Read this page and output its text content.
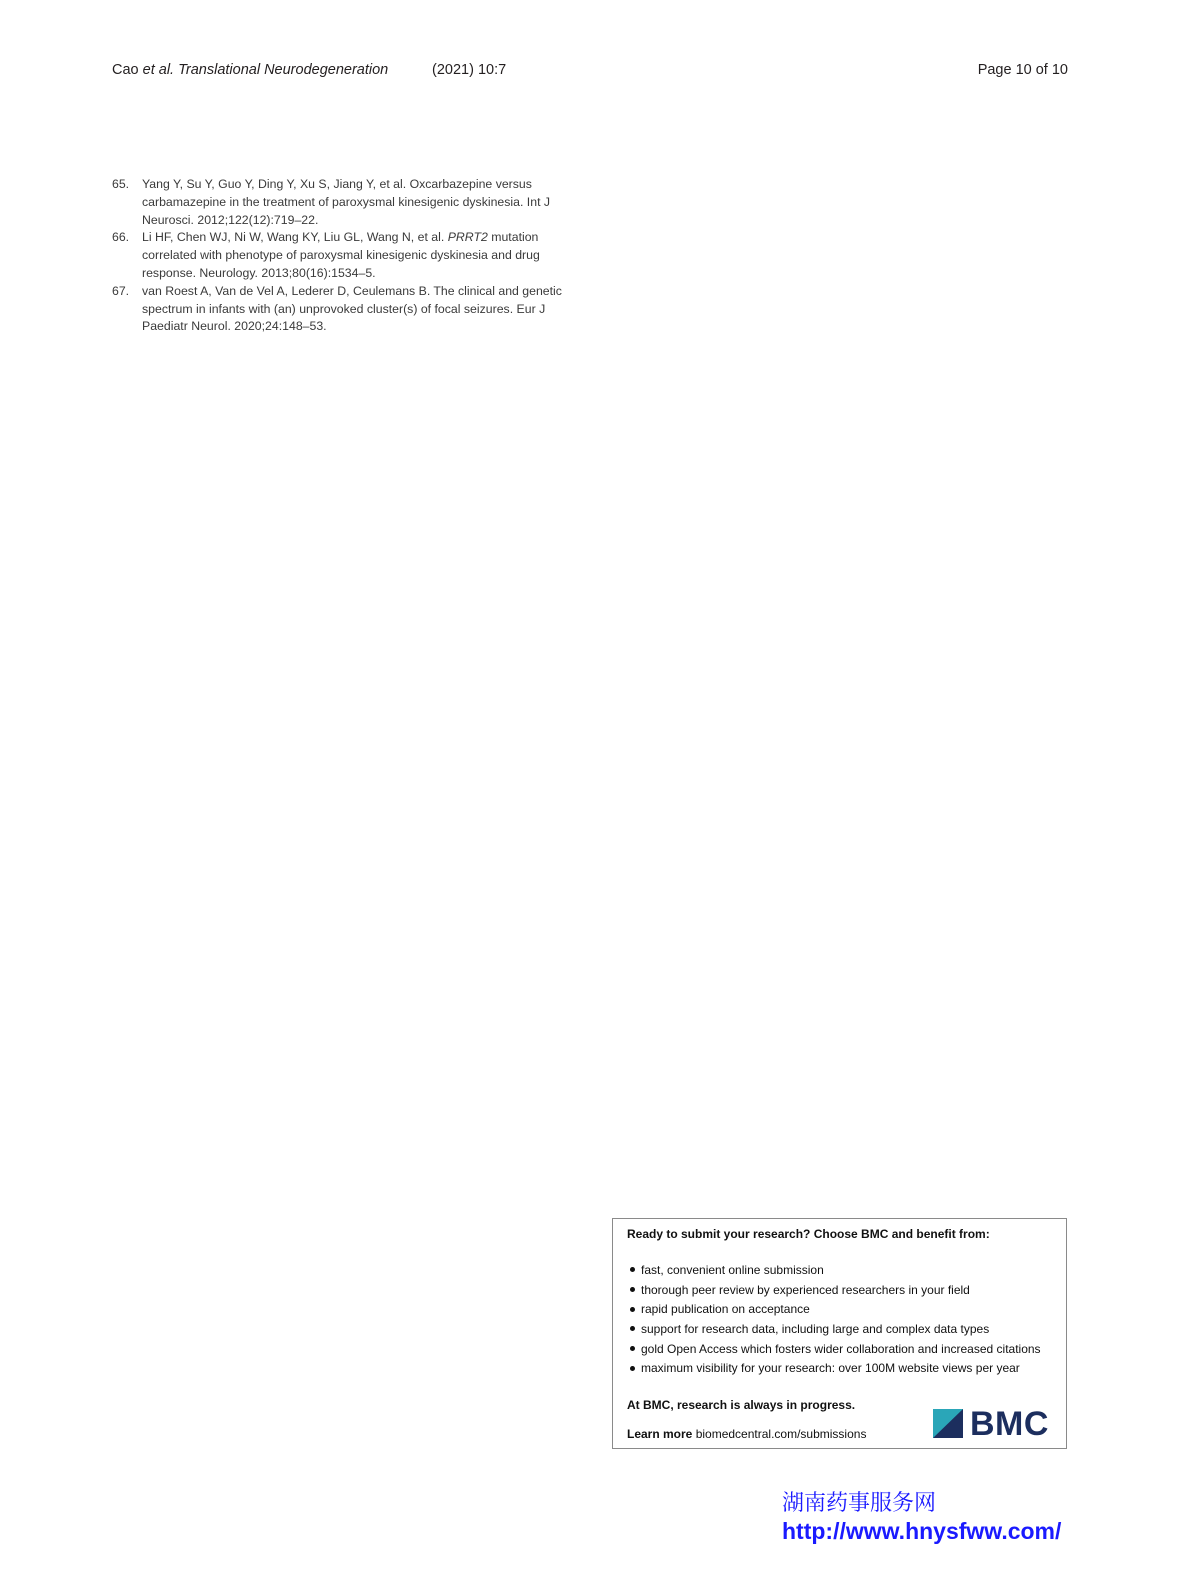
Cao et al. Translational Neurodegeneration	(2021) 10:7	Page 10 of 10
65. Yang Y, Su Y, Guo Y, Ding Y, Xu S, Jiang Y, et al. Oxcarbazepine versus carbamazepine in the treatment of paroxysmal kinesigenic dyskinesia. Int J Neurosci. 2012;122(12):719–22.
66. Li HF, Chen WJ, Ni W, Wang KY, Liu GL, Wang N, et al. PRRT2 mutation correlated with phenotype of paroxysmal kinesigenic dyskinesia and drug response. Neurology. 2013;80(16):1534–5.
67. van Roest A, Van de Vel A, Lederer D, Ceulemans B. The clinical and genetic spectrum in infants with (an) unprovoked cluster(s) of focal seizures. Eur J Paediatr Neurol. 2020;24:148–53.
Ready to submit your research? Choose BMC and benefit from:
fast, convenient online submission
thorough peer review by experienced researchers in your field
rapid publication on acceptance
support for research data, including large and complex data types
gold Open Access which fosters wider collaboration and increased citations
maximum visibility for your research: over 100M website views per year
At BMC, research is always in progress.
Learn more biomedcentral.com/submissions	BMC
湖南药事服务网
http://www.hnysfww.com/
